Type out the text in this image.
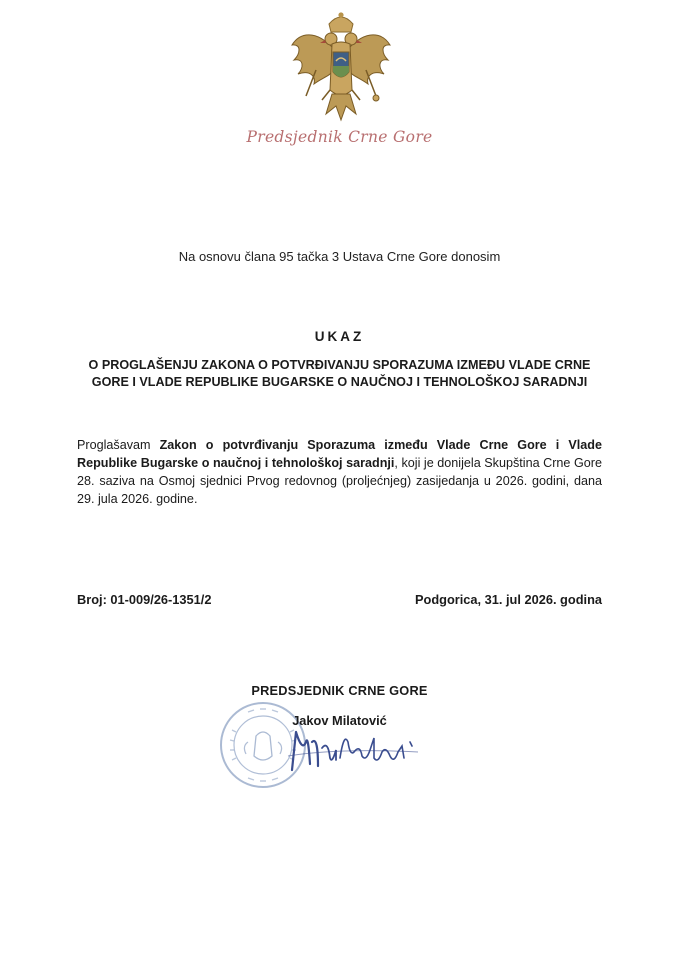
Predsjednik Crne Gore
Na osnovu člana 95 tačka 3 Ustava Crne Gore donosim
UKAZ
O PROGLAŠENJU ZAKONA O POTVRĐIVANJU SPORAZUMA IZMEĐU VLADE CRNE GORE I VLADE REPUBLIKE BUGARSKE O NAUČNOJ I TEHNOLOŠKOJ SARADNJI
Proglašavam Zakon o potvrđivanju Sporazuma između Vlade Crne Gore i Vlade Republike Bugarske o naučnoj i tehnološkoj saradnji, koji je donijela Skupština Crne Gore 28. saziva na Osmoj sjednici Prvog redovnog (proljećnjeg) zasijedanja u 2026. godini, dana 29. jula 2026. godine.
Broj: 01-009/26-1351/2	Podgorica, 31. jul 2026. godina
PREDSJEDNIK CRNE GORE
Jakov Milatović
